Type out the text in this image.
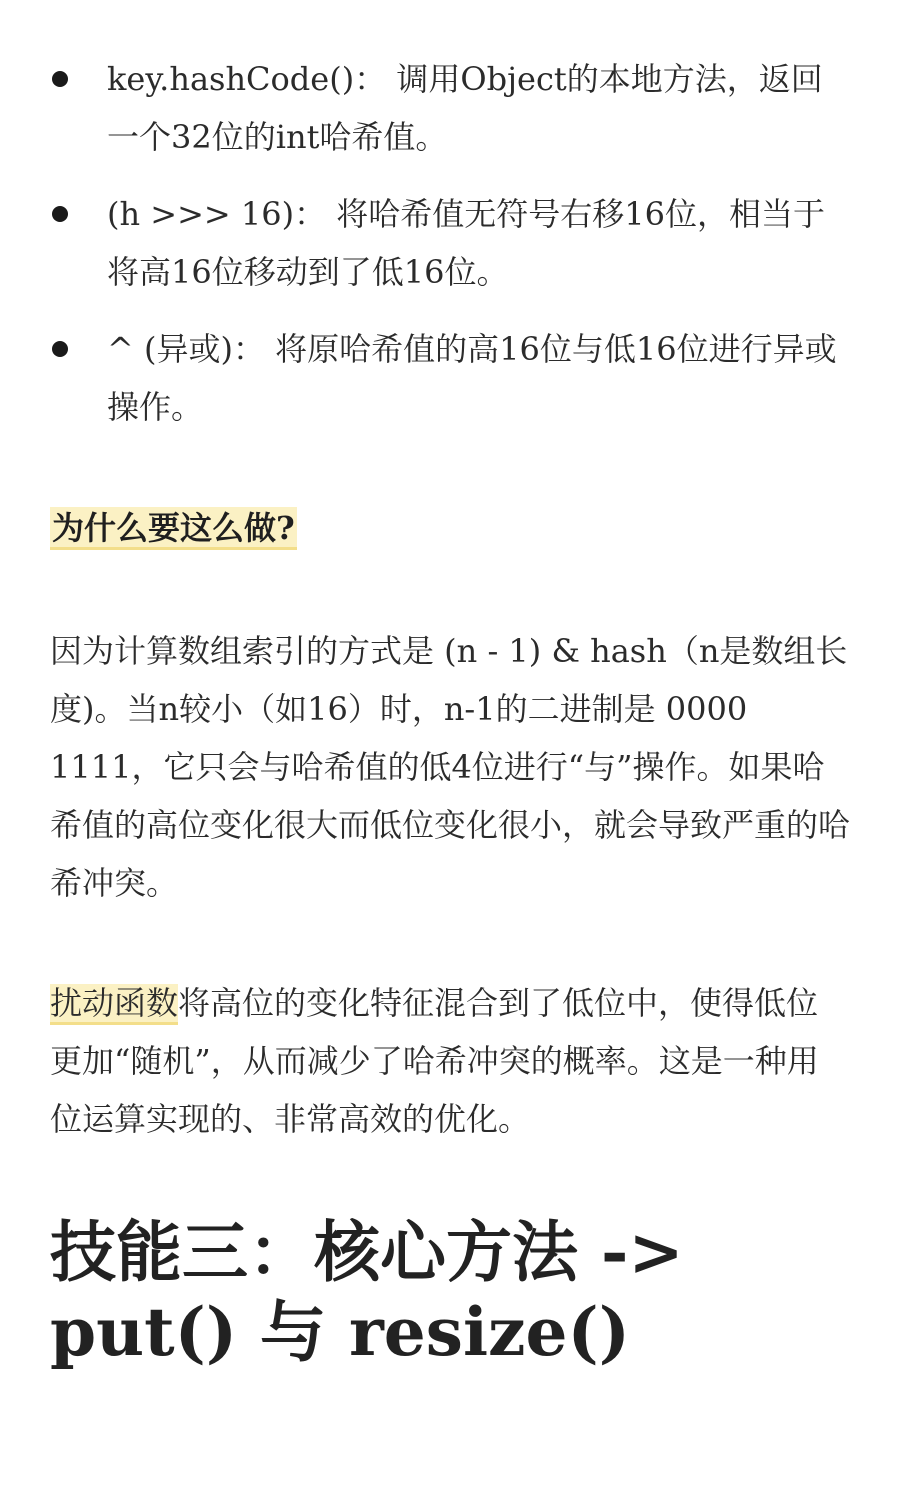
key.hashCode()： 调用Object的本地方法，返回一个32位的int哈希值。
(h >>> 16)： 将哈希值无符号右移16位，相当于将高16位移动到了低16位。
^ (异或)： 将原哈希值的高16位与低16位进行异或操作。
为什么要这么做?

因为计算数组索引的方式是 (n - 1) & hash（n是数组长度)。当n较小（如16）时，n-1的二进制是 0000 1111，它只会与哈希值的低4位进行“与”操作。如果哈希值的高位变化很大而低位变化很小，就会导致严重的哈希冲突。

扰动函数将高位的变化特征混合到了低位中，使得低位更加“随机”，从而减少了哈希冲突的概率。这是一种用位运算实现的、非常高效的优化。

技能三：核心方法 -> put() 与 resize()
